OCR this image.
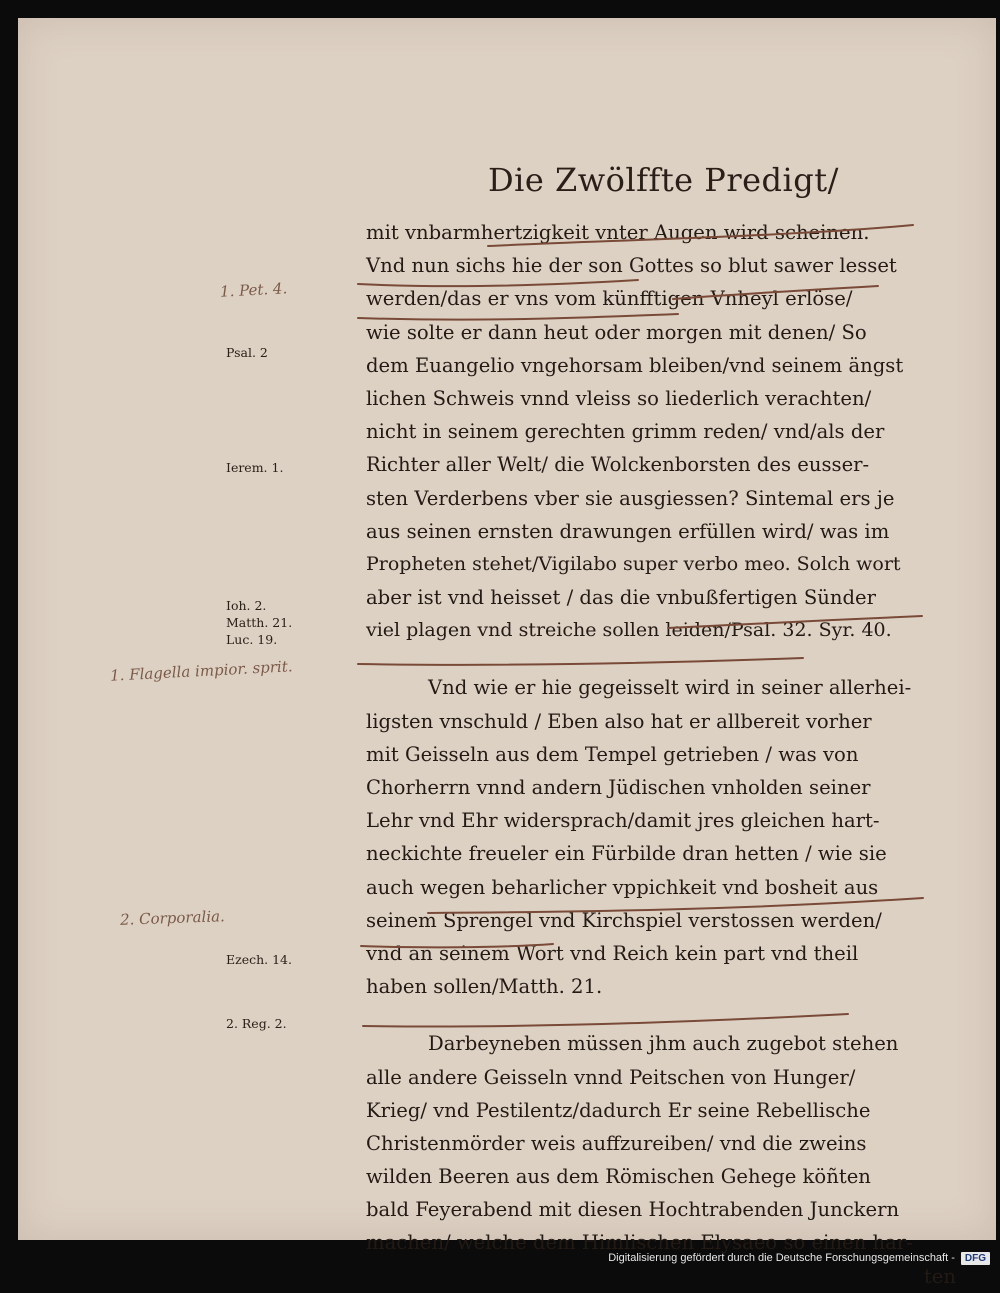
Die Zwölffte Predigt/
mit vnbarmhertzigkeit vnter Augen wird scheinen.
Vnd nun sichs hie der son Gottes so blut sawer lesset
werden/das er vns vom künfftigen Vnheyl erlöse/
wie solte er dann heut oder morgen mit denen/ So
dem Euangelio vngehorsam bleiben/vnd seinem ängst
lichen Schweis vnnd vleiss so liederlich verachten/
nicht in seinem gerechten grimm reden/ vnd/als der
Richter aller Welt/ die Wolckenborsten des eusser-
sten Verderbens vber sie ausgiessen? Sintemal ers je
aus seinen ernsten drawungen erfüllen wird/ was im
Propheten stehet/Vigilabo super verbo meo. Solch wort
aber ist vnd heisset / das die vnbußfertigen Sünder
viel plagen vnd streiche sollen leiden/Psal. 32. Syr. 40.
Vnd wie er hie gegeisselt wird in seiner allerhei-
ligsten vnschuld / Eben also hat er allbereit vorher
mit Geisseln aus dem Tempel getrieben / was von
Chorherrn vnnd andern Jüdischen vnholden seiner
Lehr vnd Ehr widersprach/damit jres gleichen hart-
neckichte freueler ein Fürbilde dran hetten / wie sie
auch wegen beharlicher vppichkeit vnd bosheit aus
seinem Sprengel vnd Kirchspiel verstossen werden/
vnd an seinem Wort vnd Reich kein part vnd theil
haben sollen/Matth. 21.
Darbeyneben müssen jhm auch zugebot stehen
alle andere Geisseln vnnd Peitschen von Hunger/
Krieg/ vnd Pestilentz/dadurch Er seine Rebellische
Christenmörder weis auffzureiben/ vnd die zweins
wilden Beeren aus dem Römischen Gehege köñten
bald Feyerabend mit diesen Hochtrabenden Junckern
machen/ welche dem Himlischen Elysaeo so einen har-
ten
Psal. 2
Ierem. 1.
Ioh. 2.
Matth. 21.
Luc. 19.
Ezech. 14.
2. Reg. 2.
1. Pet. 4.
1. Flagella impior. sprit.
2. Corporalia.
Digitalisierung gefördert durch die Deutsche Forschungsgemeinschaft -	DFG
